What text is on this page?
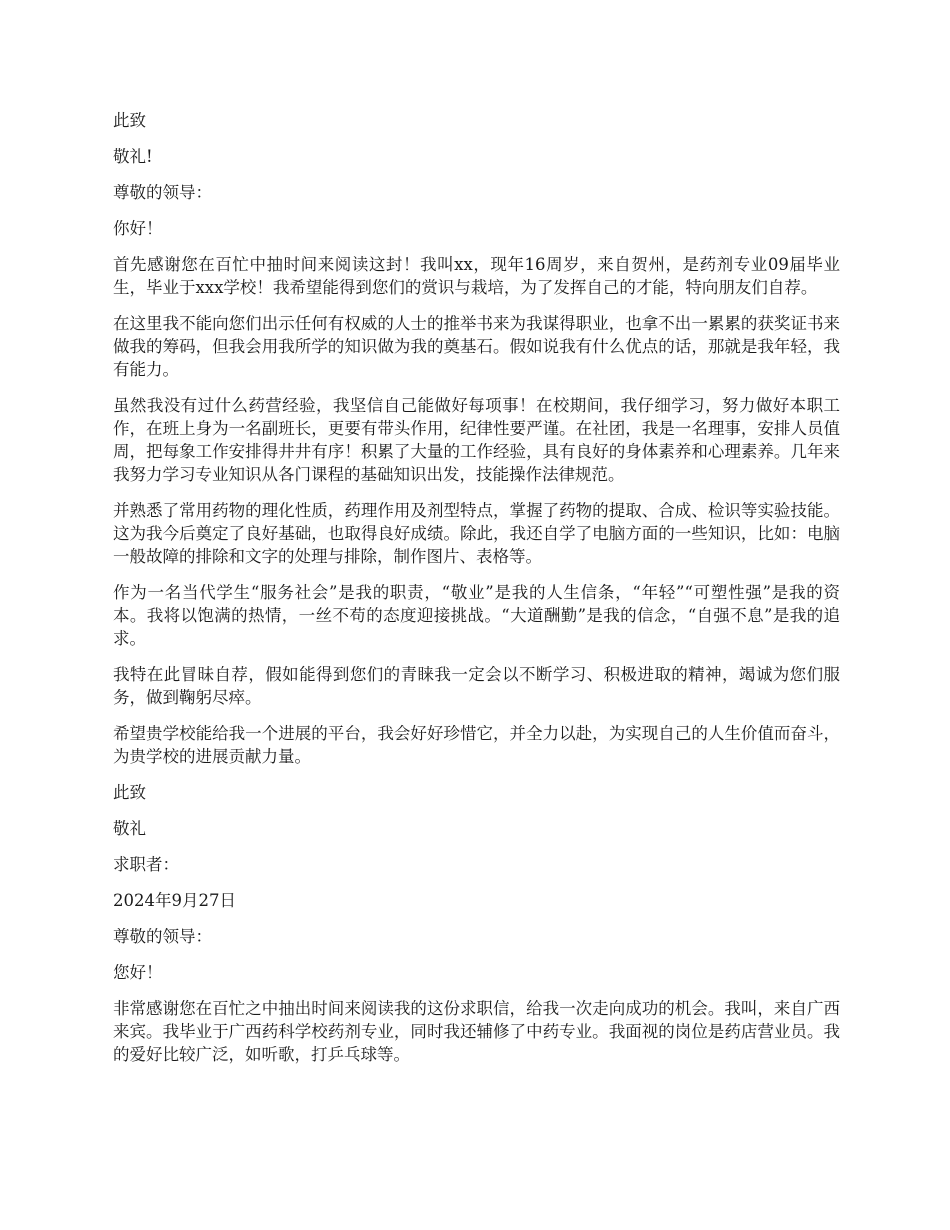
此致

敬礼!

尊敬的领导：

你好！

首先感谢您在百忙中抽时间来阅读这封！我叫xx，现年16周岁，来自贺州，是药剂专业09届毕业生，毕业于xxx学校！我希望能得到您们的赏识与栽培，为了发挥自己的才能，特向朋友们自荐。

在这里我不能向您们出示任何有权威的人士的推举书来为我谋得职业，也拿不出一累累的获奖证书来做我的筹码，但我会用我所学的知识做为我的奠基石。假如说我有什么优点的话，那就是我年轻，我有能力。

虽然我没有过什么药营经验，我坚信自己能做好每项事！在校期间，我仔细学习，努力做好本职工作，在班上身为一名副班长，更要有带头作用，纪律性要严谨。在社团，我是一名理事，安排人员值周，把每象工作安排得井井有序！积累了大量的工作经验，具有良好的身体素养和心理素养。几年来我努力学习专业知识从各门课程的基础知识出发，技能操作法律规范。

并熟悉了常用药物的理化性质，药理作用及剂型特点，掌握了药物的提取、合成、检识等实验技能。这为我今后奠定了良好基础，也取得良好成绩。除此，我还自学了电脑方面的一些知识，比如：电脑一般故障的排除和文字的处理与排除，制作图片、表格等。

作为一名当代学生“服务社会”是我的职责，“敬业”是我的人生信条，“年轻”“可塑性强”是我的资本。我将以饱满的热情，一丝不苟的态度迎接挑战。“大道酬勤”是我的信念，“自强不息”是我的追求。

我特在此冒昧自荐，假如能得到您们的青睐我一定会以不断学习、积极进取的精神，竭诚为您们服务，做到鞠躬尽瘁。

希望贵学校能给我一个进展的平台，我会好好珍惜它，并全力以赴，为实现自己的人生价值而奋斗，为贵学校的进展贡献力量。

此致

敬礼

求职者：

2024年9月27日

尊敬的领导：

您好！

非常感谢您在百忙之中抽出时间来阅读我的这份求职信，给我一次走向成功的机会。我叫，来自广西来宾。我毕业于广西药科学校药剂专业，同时我还辅修了中药专业。我面视的岗位是药店营业员。我的爱好比较广泛，如听歌，打乒乓球等。
